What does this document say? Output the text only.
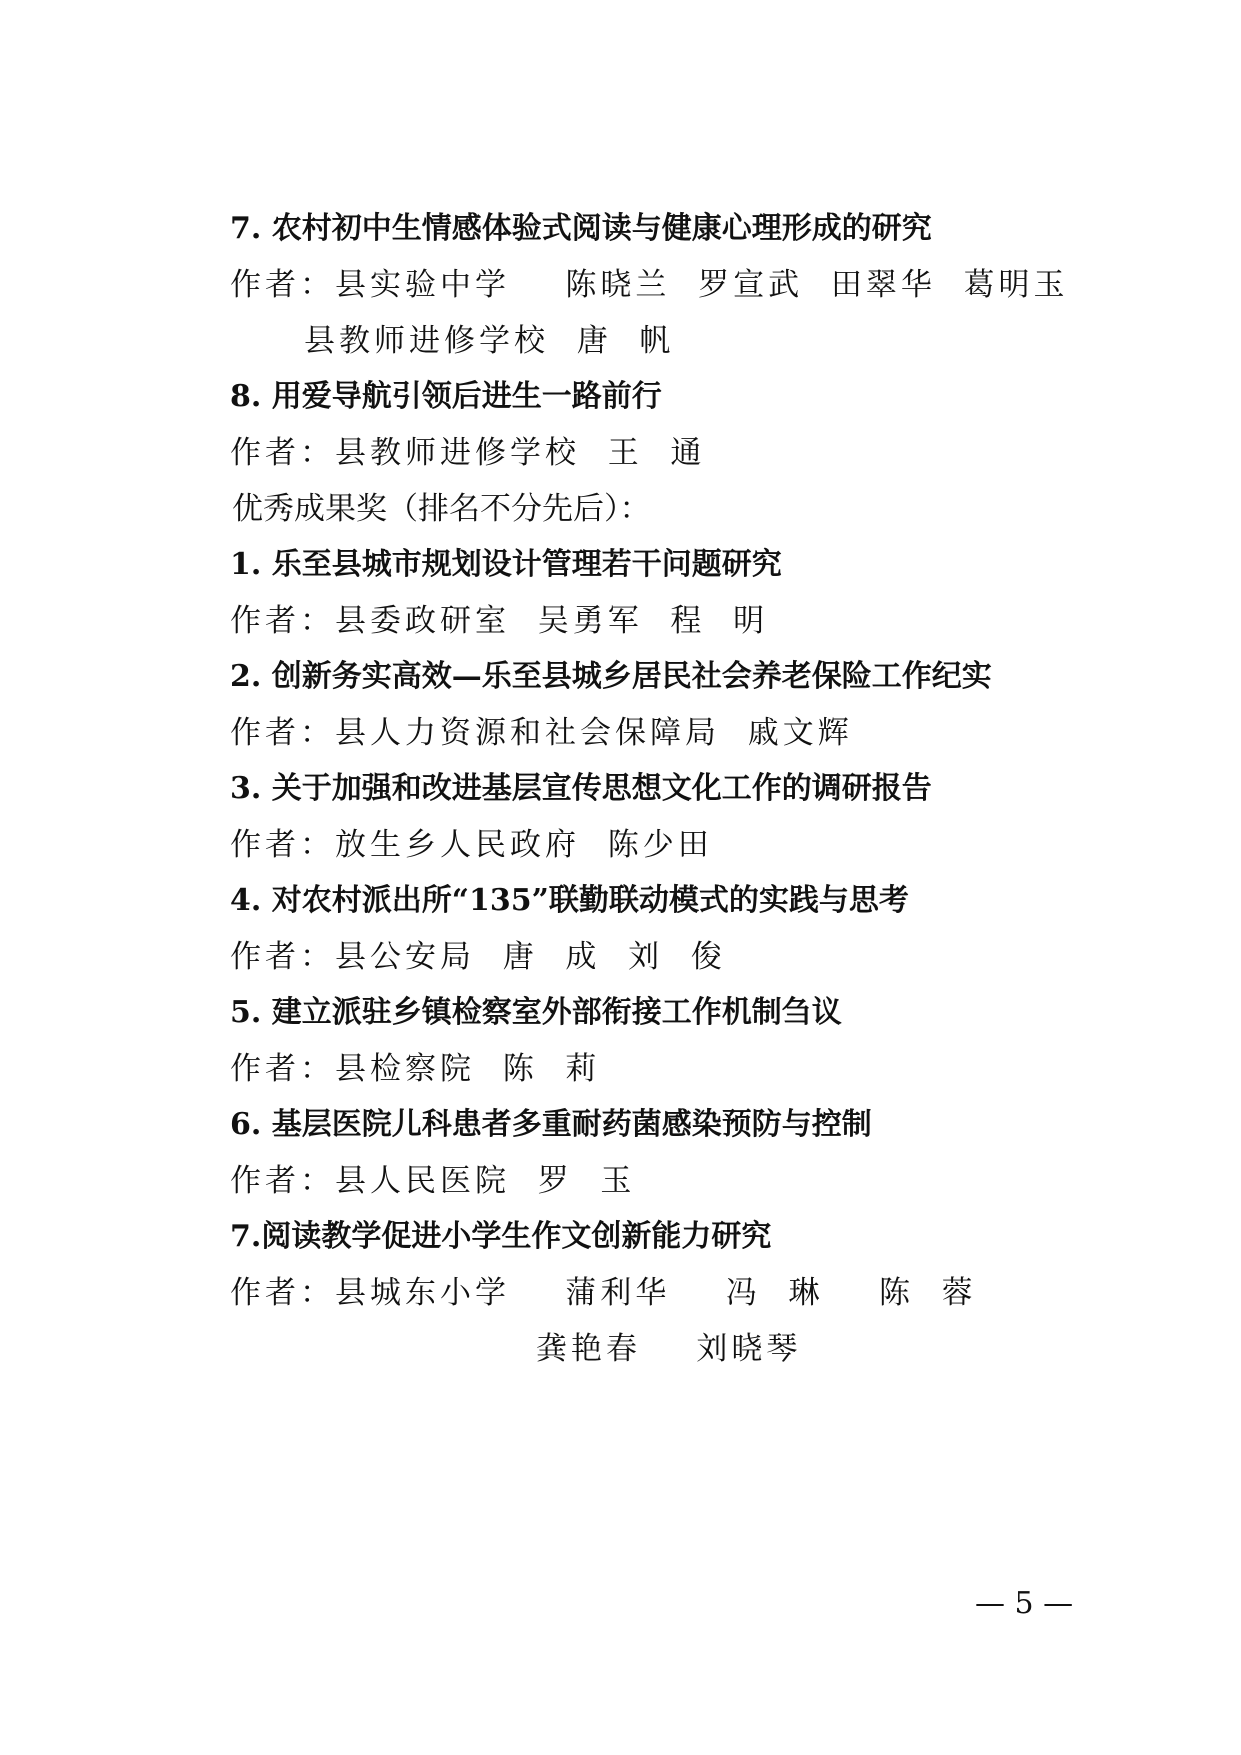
7. 农村初中生情感体验式阅读与健康心理形成的研究
作者：县实验中学    陈晓兰  罗宣武  田翠华  葛明玉
县教师进修学校  唐  帆
8. 用爱导航引领后进生一路前行
作者：县教师进修学校  王  通
优秀成果奖（排名不分先后）：
1. 乐至县城市规划设计管理若干问题研究
作者：县委政研室  吴勇军  程  明
2. 创新务实高效—乐至县城乡居民社会养老保险工作纪实
作者：县人力资源和社会保障局  戚文辉
3. 关于加强和改进基层宣传思想文化工作的调研报告
作者：放生乡人民政府  陈少田
4. 对农村派出所“135”联勤联动模式的实践与思考
作者：县公安局  唐  成  刘  俊
5. 建立派驻乡镇检察室外部衔接工作机制刍议
作者：县检察院  陈  莉
6. 基层医院儿科患者多重耐药菌感染预防与控制
作者：县人民医院  罗  玉
7.阅读教学促进小学生作文创新能力研究
作者：县城东小学    蒲利华    冯  琳    陈  蓉
龚艳春    刘晓琴
— 5 —
